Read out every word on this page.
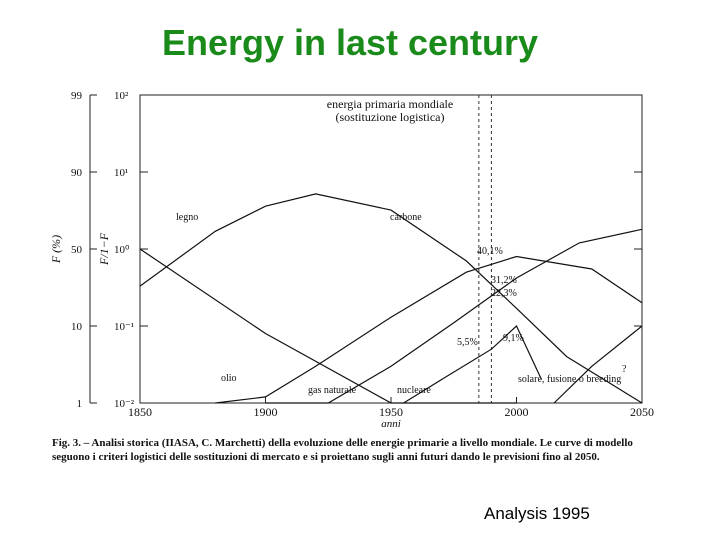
Energy in last century
99	10²
90	10¹
50	10⁰
10	10⁻¹
1	10⁻²
1850	1900	1950	2000	2050
anni
F (%)	F/1−F
energia primaria mondiale
(sostituzione logistica)
legno	carbone
olio
gas naturale	nucleare
solare, fusione o breeding
40,1%
31,2%
22,3%
5,5%	9,1%
?
Fig. 3. – Analisi storica (IIASA, C. Marchetti) della evoluzione delle energie primarie a livello mondiale. Le curve di modello seguono i criteri logistici delle sostituzioni di mercato e si proiettano sugli anni futuri dando le previsioni fino al 2050.
Analysis 1995
